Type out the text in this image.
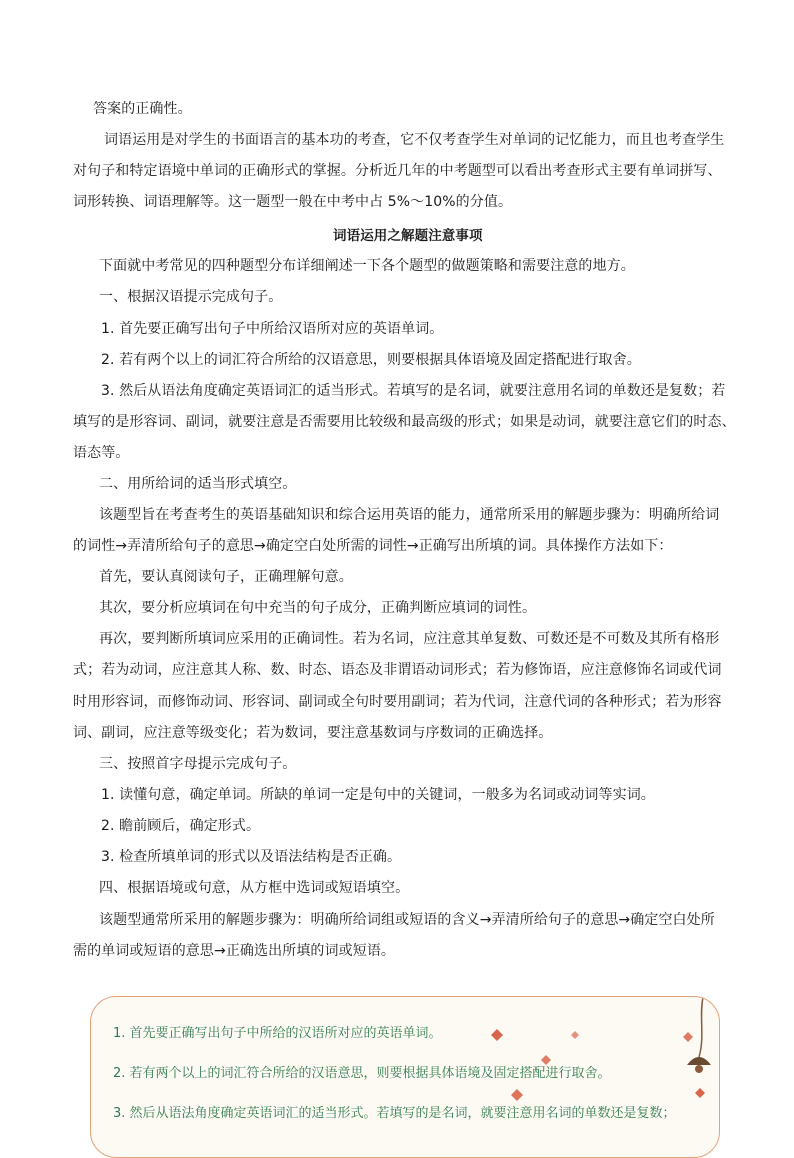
答案的正确性。
词语运用是对学生的书面语言的基本功的考查，它不仅考查学生对单词的记忆能力，而且也考查学生
对句子和特定语境中单词的正确形式的掌握。分析近几年的中考题型可以看出考查形式主要有单词拼写、
词形转换、词语理解等。这一题型一般在中考中占 5%～10%的分值。
词语运用之解题注意事项
下面就中考常见的四种题型分布详细阐述一下各个题型的做题策略和需要注意的地方。
一、根据汉语提示完成句子。
1. 首先要正确写出句子中所给汉语所对应的英语单词。
2. 若有两个以上的词汇符合所给的汉语意思，则要根据具体语境及固定搭配进行取舍。
3. 然后从语法角度确定英语词汇的适当形式。若填写的是名词，就要注意用名词的单数还是复数；若
填写的是形容词、副词，就要注意是否需要用比较级和最高级的形式；如果是动词，就要注意它们的时态、
语态等。
二、用所给词的适当形式填空。
该题型旨在考查考生的英语基础知识和综合运用英语的能力，通常所采用的解题步骤为：明确所给词
的词性→弄清所给句子的意思→确定空白处所需的词性→正确写出所填的词。具体操作方法如下：
首先，要认真阅读句子，正确理解句意。
其次，要分析应填词在句中充当的句子成分，正确判断应填词的词性。
再次，要判断所填词应采用的正确词性。若为名词，应注意其单复数、可数还是不可数及其所有格形
式；若为动词，应注意其人称、数、时态、语态及非谓语动词形式；若为修饰语，应注意修饰名词或代词
时用形容词，而修饰动词、形容词、副词或全句时要用副词；若为代词，注意代词的各种形式；若为形容
词、副词，应注意等级变化；若为数词，要注意基数词与序数词的正确选择。
三、按照首字母提示完成句子。
1. 读懂句意，确定单词。所缺的单词一定是句中的关键词，一般多为名词或动词等实词。
2. 瞻前顾后，确定形式。
3. 检查所填单词的形式以及语法结构是否正确。
四、根据语境或句意，从方框中选词或短语填空。
该题型通常所采用的解题步骤为：明确所给词组或短语的含义→弄清所给句子的意思→确定空白处所
需的单词或短语的意思→正确选出所填的词或短语。
1. 首先要正确写出句子中所给的汉语所对应的英语单词。
2. 若有两个以上的词汇符合所给的汉语意思，则要根据具体语境及固定搭配进行取舍。
3. 然后从语法角度确定英语词汇的适当形式。若填写的是名词，就要注意用名词的单数还是复数；
